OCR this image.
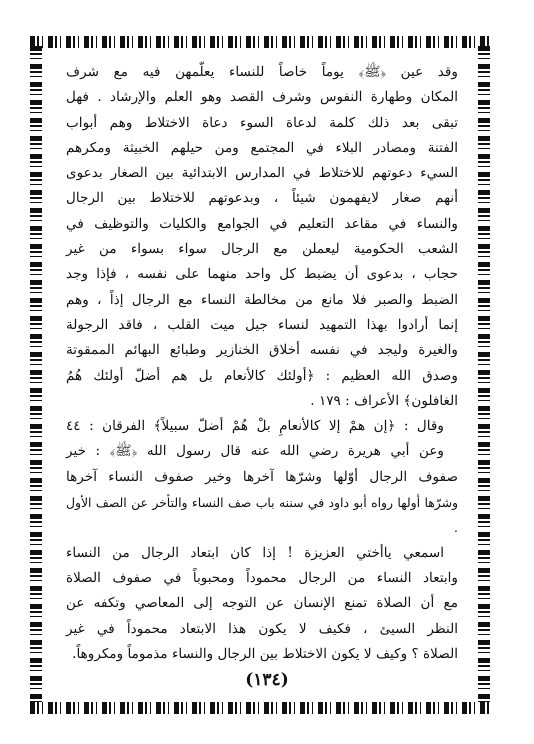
وقد عين ﴿ﷺ﴾ يوماً خاصاً للنساء يعلّمهن فيه مع شرف

المكان وطهارة النفوس وشرف القصد وهو العلم والإرشاد . فهل

تبقى بعد ذلك كلمة لدعاة السوء دعاة الاختلاط وهم أبواب

الفتنة ومصادر البلاء في المجتمع ومن حيلهم الخبيثة ومكرهم

السيء دعوتهم للاختلاط في المدارس الابتدائية بين الصغار بدعوى

أنهم صغار لايفهمون شيئاً ، وبدعوتهم للاختلاط بين الرجال

والنساء في مقاعد التعليم في الجوامع والكليات والتوظيف في

الشعب الحكومية ليعملن مع الرجال سواء بسواء من غير

حجاب ، بدعوى أن يضبط كل واحد منهما على نفسه ، فإذا وجد

الضبط والصبر فلا مانع من مخالطة النساء مع الرجال إذاً ، وهم

إنما أرادوا بهذا التمهيد لنساء جيل ميت القلب ، فاقد الرجولة

والغيرة وليجد في نفسه أخلاق الخنازير وطبائع البهائم الممقوتة

وصدق الله العظيم : ﴿أولئك كالأنعام بل هم أضلّ أولئك هُمُ

الغافلون﴾ الأعراف : ١٧٩ .

وقال : ﴿إن همْ إلا كالأنعامِ بلْ هُمْ أضلّ سبيلاً﴾ الفرقان : ٤٤

وعن أبي هريرة رضي الله عنه قال رسول الله ﴿ﷺ﴾ : خير

صفوف الرجال أوّلها وشرّها آخرها وخير صفوف النساء آخرها

وشرّها أولها رواه أبو داود في سننه باب صف النساء والتأخر عن الصف الأول .

اسمعي ياأختي العزيزة ! إذا كان ابتعاد الرجال من النساء

وابتعاد النساء من الرجال محموداً ومحبوباً في صفوف الصلاة

مع أن الصلاة تمنع الإنسان عن التوجه إلى المعاصي وتكفه عن

النظر السيئ ، فكيف لا يكون هذا الابتعاد محموداً في غير

الصلاة ؟ وكيف لا يكون الاختلاط بين الرجال والنساء مذموماً ومكروهاً.

(١٣٤)
